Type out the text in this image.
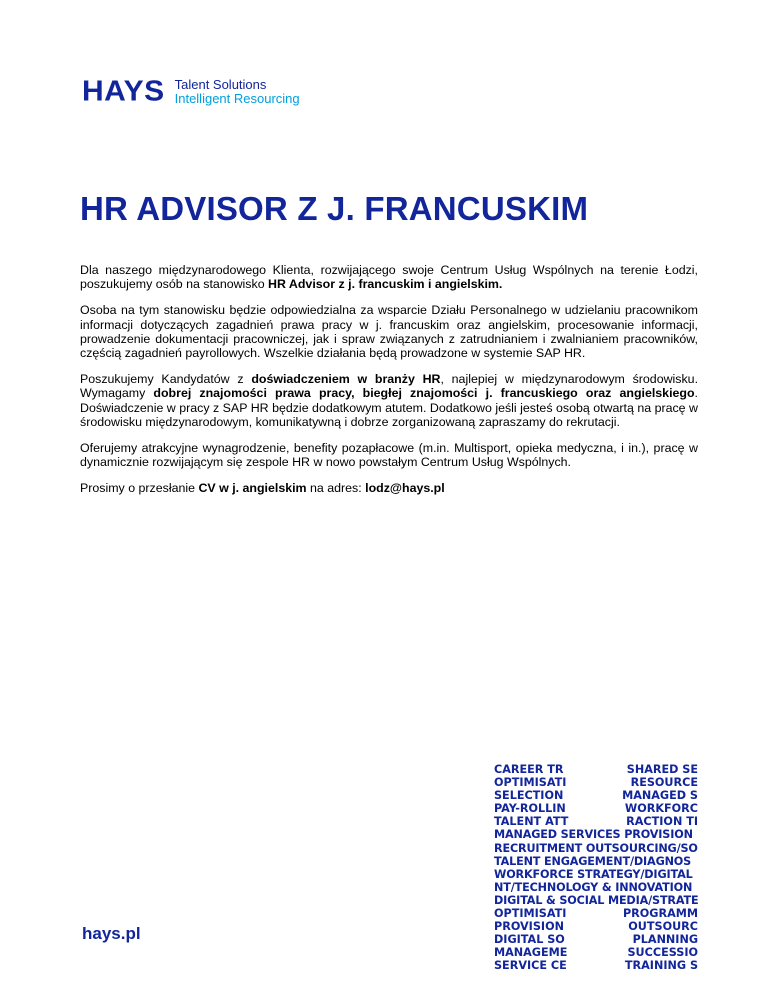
HAYS Talent Solutions
Intelligent Resourcing
HR ADVISOR Z J. FRANCUSKIM

Dla naszego międzynarodowego Klienta, rozwijającego swoje Centrum Usług Wspólnych na terenie Łodzi, poszukujemy osób na stanowisko HR Advisor z j. francuskim i angielskim.

Osoba na tym stanowisku będzie odpowiedzialna za wsparcie Działu Personalnego w udzielaniu pracownikom informacji dotyczących zagadnień prawa pracy w j. francuskim oraz angielskim, procesowanie informacji, prowadzenie dokumentacji pracowniczej, jak i spraw związanych z zatrudnianiem i zwalnianiem pracowników, częścią zagadnień payrollowych. Wszelkie działania będą prowadzone w systemie SAP HR.

Poszukujemy Kandydatów z doświadczeniem w branży HR, najlepiej w międzynarodowym środowisku. Wymagamy dobrej znajomości prawa pracy, biegłej znajomości j. francuskiego oraz angielskiego. Doświadczenie w pracy z SAP HR będzie dodatkowym atutem. Dodatkowo jeśli jesteś osobą otwartą na pracę w środowisku międzynarodowym, komunikatywną i dobrze zorganizowaną zapraszamy do rekrutacji.

Oferujemy atrakcyjne wynagrodzenie, benefity pozapłacowe (m.in. Multisport, opieka medyczna, i in.), pracę w dynamicznie rozwijającym się zespole HR w nowo powstałym Centrum Usług Wspólnych.

Prosimy o przesłanie CV w j. angielskim na adres: lodz@hays.pl

CAREER TR	SHARED SE
OPTIMISATI	RESOURCE
SELECTION	MANAGED S
PAY-ROLLIN	WORKFORC
TALENT ATT	RACTION TI
MANAGED SERVICES PROVISION
RECRUITMENT OUTSOURCING/SO
TALENT ENGAGEMENT/DIAGNOS
WORKFORCE STRATEGY/DIGITAL
NT/TECHNOLOGY & INNOVATION
DIGITAL & SOCIAL MEDIA/STRATE
OPTIMISATI	PROGRAMM
PROVISION	OUTSOURC
DIGITAL SO	PLANNING
MANAGEME	SUCCESSIO
SERVICE CE	TRAINING S
hays.pl
